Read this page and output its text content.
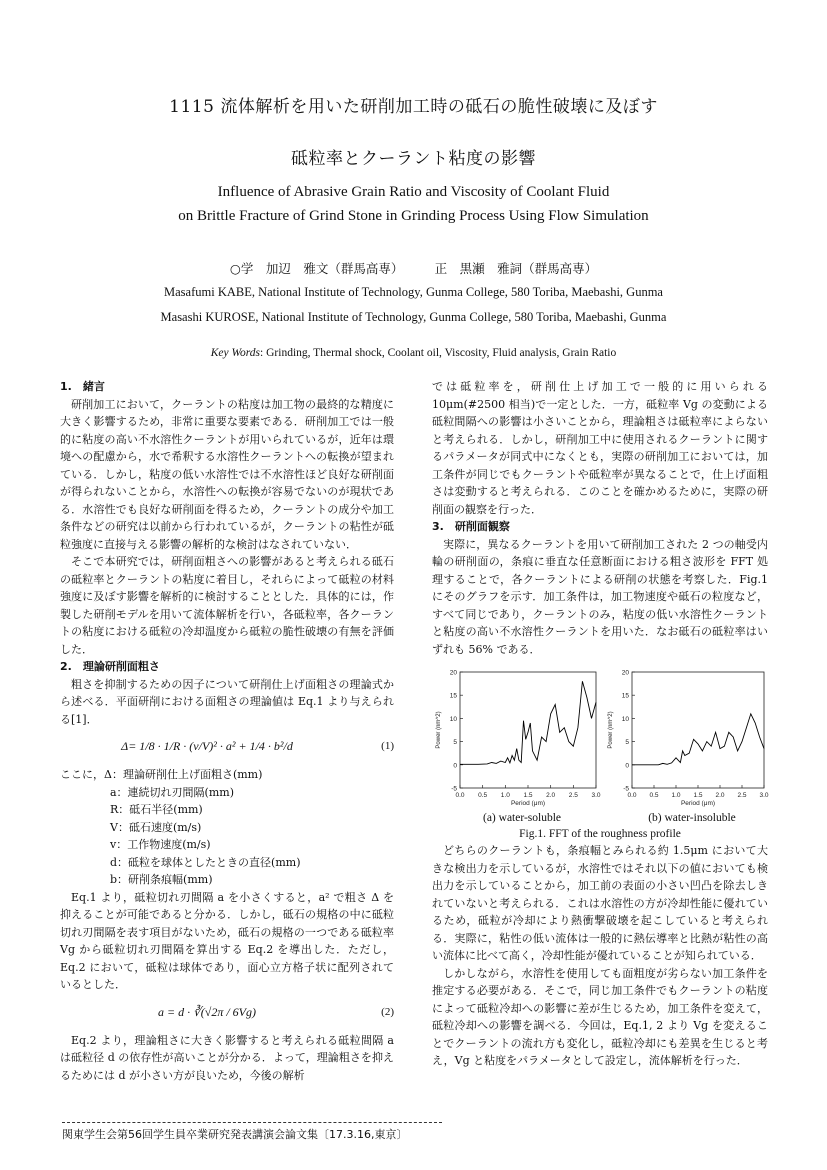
1115 流体解析を用いた研削加工時の砥石の脆性破壊に及ぼす
砥粒率とクーラント粘度の影響
Influence of Abrasive Grain Ratio and Viscosity of Coolant Fluid
on Brittle Fracture of Grind Stone in Grinding Process Using Flow Simulation
○学　加辺　雅文（群馬高専）　　　正　黒瀬　雅詞（群馬高専）
Masafumi KABE, National Institute of Technology, Gunma College, 580 Toriba, Maebashi, Gunma
Masashi KUROSE, National Institute of Technology, Gunma College, 580 Toriba, Maebashi, Gunma
Key Words: Grinding, Thermal shock, Coolant oil, Viscosity, Fluid analysis, Grain Ratio
1.　緒言

研削加工において，クーラントの粘度は加工物の最終的な精度に大きく影響するため，非常に重要な要素である．研削加工では一般的に粘度の高い不水溶性クーラントが用いられているが，近年は環境への配慮から，水で希釈する水溶性クーラントへの転換が望まれている．しかし，粘度の低い水溶性では不水溶性ほど良好な研削面が得られないことから，水溶性への転換が容易でないのが現状である．水溶性でも良好な研削面を得るため，クーラントの成分や加工条件などの研究は以前から行われているが，クーラントの粘性が砥粒強度に直接与える影響の解析的な検討はなされていない．

そこで本研究では，研削面粗さへの影響があると考えられる砥石の砥粒率とクーラントの粘度に着目し，それらによって砥粒の材料強度に及ぼす影響を解析的に検討することとした．具体的には，作製した研削モデルを用いて流体解析を行い，各砥粒率，各クーラントの粘度における砥粒の冷却温度から砥粒の脆性破壊の有無を評価した．

2.　理論研削面粗さ

粗さを抑制するための因子について研削仕上げ面粗さの理論式から述べる．平面研削における面粗さの理論値は Eq.1 より与えられる[1]．

Δ= 1/8 · 1/R · (v/V)² · a² + 1/4 · b²/d	(1)
ここに，Δ：理論研削仕上げ面粗さ(mm)
a：連続切れ刃間隔(mm)
R：砥石半径(mm)
V：砥石速度(m/s)
v：工作物速度(m/s)
d：砥粒を球体としたときの直径(mm)
b：研削条痕幅(mm)

Eq.1 より，砥粒切れ刃間隔 a を小さくすると，a² で粗さ Δ を抑えることが可能であると分かる．しかし，砥石の規格の中に砥粒切れ刃間隔を表す項目がないため，砥石の規格の一つである砥粒率 Vg から砥粒切れ刃間隔を算出する Eq.2 を導出した．ただし，Eq.2 において，砥粒は球体であり，面心立方格子状に配列されているとした．

a = d · ∛(√2π / 6Vg)	(2)

Eq.2 より，理論粗さに大きく影響すると考えられる砥粒間隔 a は砥粒径 d の依存性が高いことが分かる．よって，理論粗さを抑えるためには d が小さい方が良いため，今後の解析

では砥粒率を，研削仕上げ加工で一般的に用いられる 10μm(#2500 相当)で一定とした．一方，砥粒率 Vg の変動による砥粒間隔への影響は小さいことから，理論粗さは砥粒率によらないと考えられる．しかし，研削加工中に使用されるクーラントに関するパラメータが同式中になくとも，実際の研削加工においては，加工条件が同じでもクーラントや砥粒率が異なることで，仕上げ面粗さは変動すると考えられる．このことを確かめるために，実際の研削面の観察を行った．

3.　研削面観察

実際に，異なるクーラントを用いて研削加工された 2 つの軸受内輪の研削面の，条痕に垂直な任意断面における粗さ波形を FFT 処理することで，各クーラントによる研削の状態を考察した．Fig.1 にそのグラフを示す．加工条件は，加工物速度や砥石の粒度など，すべて同じであり，クーラントのみ，粘度の低い水溶性クーラントと粘度の高い不水溶性クーラントを用いた．なお砥石の砥粒率はいずれも 56% である．

0.0 0.5 1.0 1.5 2.0 2.5 3.0
-5
0
5
10
15
20
Period (μm)
Power (nm^2)
0.0 0.5 1.0 1.5 2.0 2.5 3.0
-5
0
5
10
15
20
Period (μm)
Power (nm^2)
(a) water-soluble	(b) water-insoluble
Fig.1. FFT of the roughness profile

どちらのクーラントも，条痕幅とみられる約 1.5μm において大きな検出力を示しているが，水溶性ではそれ以下の値においても検出力を示していることから，加工前の表面の小さい凹凸を除去しきれていないと考えられる．これは水溶性の方が冷却性能に優れているため，砥粒が冷却により熱衝撃破壊を起こしていると考えられる．実際に，粘性の低い流体は一般的に熱伝導率と比熱が粘性の高い流体に比べて高く，冷却性能が優れていることが知られている．

しかしながら，水溶性を使用しても面粗度が劣らない加工条件を推定する必要がある．そこで，同じ加工条件でもクーラントの粘度によって砥粒冷却への影響に差が生じるため，加工条件を変えて，砥粒冷却への影響を調べる．今回は，Eq.1, 2 より Vg を変えることでクーラントの流れ方も変化し，砥粒冷却にも差異を生じると考え，Vg と粘度をパラメータとして設定し，流体解析を行った．

関東学生会第56回学生員卒業研究発表講演会論文集〔17.3.16,東京〕
